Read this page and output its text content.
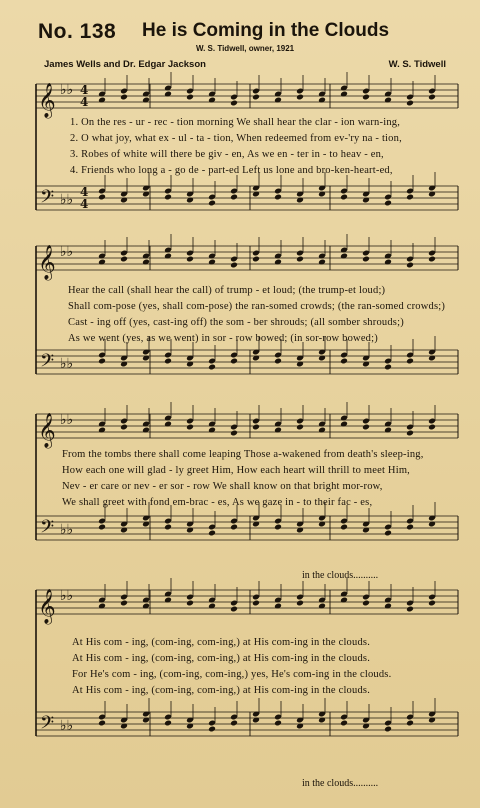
No. 138 He is Coming in the Clouds
W. S. Tidwell, owner, 1921
James Wells and Dr. Edgar Jackson	W. S. Tidwell
𝄞
𝄢
♭♭
♭♭
4
4
4
4
𝄞
𝄢
♭♭
♭♭
𝄞
𝄢
♭♭
♭♭
𝄞
𝄢
♭♭
♭♭
1. On the res - ur - rec - tion morning We shall hear the clar - ion warn-ing,
2. O what joy, what ex - ul - ta - tion, When redeemed from ev-'ry na - tion,
3. Robes of white will there be giv - en, As we en - ter in - to heav - en,
4. Friends who long a - go de - part-ed Left us lone and bro-ken-heart-ed,
Hear the call (shall hear the call) of trump - et loud; (the trump-et loud;)
Shall com-pose (yes, shall com-pose) the ran-somed crowds; (the ran-somed crowds;)
Cast - ing off (yes, cast-ing off) the som - ber shrouds; (all somber shrouds;)
As we went (yes, as we went) in sor - row bowed; (in sor-row bowed;)
From the tombs there shall come leaping Those a-wakened from death's sleep-ing,
How each one will glad - ly greet Him, How each heart will thrill to meet Him,
Nev - er care or nev - er sor - row We shall know on that bright mor-row,
We shall greet with fond em-brac - es, As we gaze in - to their fac - es,
in the clouds..........
At His com - ing, (com-ing, com-ing,) at His com-ing in the clouds.
At His com - ing, (com-ing, com-ing,) at His com-ing in the clouds.
For He's com - ing, (com-ing, com-ing,) yes, He's com-ing in the clouds.
At His com - ing, (com-ing, com-ing,) at His com-ing in the clouds.
in the clouds..........
